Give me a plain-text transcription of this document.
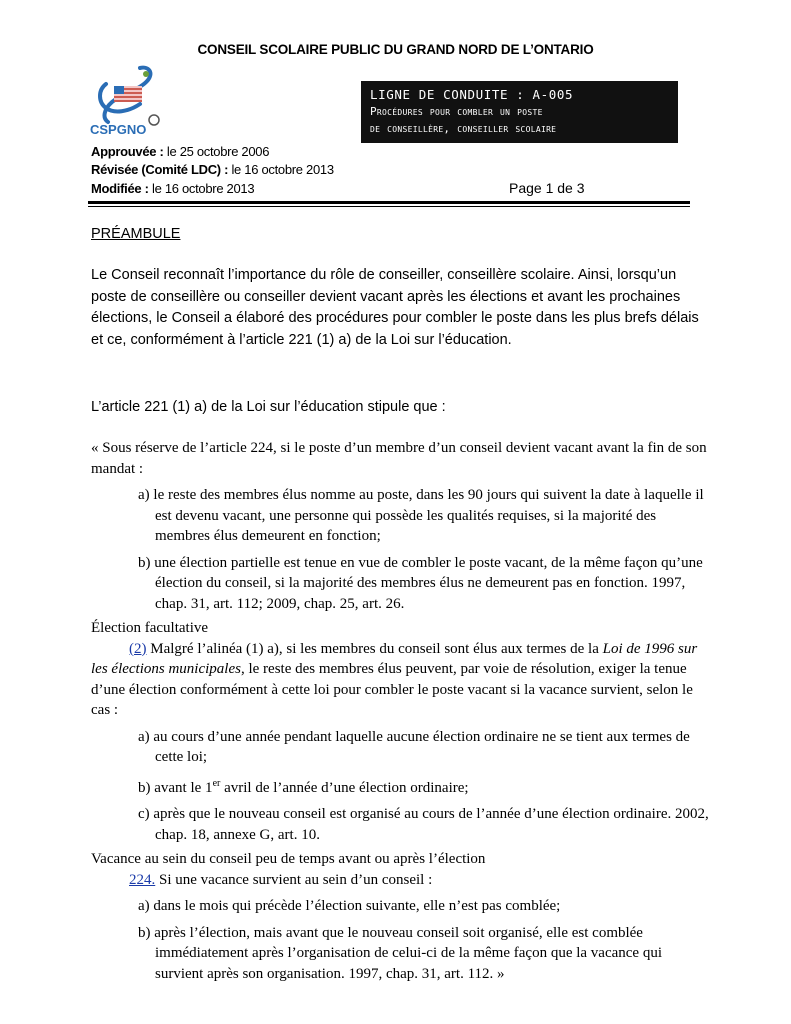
CONSEIL SCOLAIRE PUBLIC DU GRAND NORD DE L’ONTARIO
CSPGNO
LIGNE DE CONDUITE : A-005
Procédures pour combler un poste
de conseillère, conseiller scolaire
Approuvée : le 25 octobre 2006
Révisée (Comité LDC) : le 16 octobre 2013
Modifiée : le 16 octobre 2013	Page 1 de 3
PRÉAMBULE
Le Conseil reconnaît l’importance du rôle de conseiller, conseillère scolaire. Ainsi, lorsqu’un poste de conseillère ou conseiller devient vacant après les élections et avant les prochaines élections, le Conseil a élaboré des procédures pour combler le poste dans les plus brefs délais et ce, conformément à l’article 221 (1) a) de la Loi sur l’éducation.
L’article 221 (1) a) de la Loi sur l’éducation stipule que :
« Sous réserve de l’article 224, si le poste d’un membre d’un conseil devient vacant avant la fin de son mandat :
a) le reste des membres élus nomme au poste, dans les 90 jours qui suivent la date à laquelle il est devenu vacant, une personne qui possède les qualités requises, si la majorité des membres élus demeurent en fonction;
b) une élection partielle est tenue en vue de combler le poste vacant, de la même façon qu’une élection du conseil, si la majorité des membres élus ne demeurent pas en fonction. 1997, chap. 31, art. 112; 2009, chap. 25, art. 26.
Élection facultative
(2) Malgré l’alinéa (1) a), si les membres du conseil sont élus aux termes de la Loi de 1996 sur les élections municipales, le reste des membres élus peuvent, par voie de résolution, exiger la tenue d’une élection conformément à cette loi pour combler le poste vacant si la vacance survient, selon le cas :
a) au cours d’une année pendant laquelle aucune élection ordinaire ne se tient aux termes de cette loi;
b) avant le 1er avril de l’année d’une élection ordinaire;
c) après que le nouveau conseil est organisé au cours de l’année d’une élection ordinaire. 2002, chap. 18, annexe G, art. 10.
Vacance au sein du conseil peu de temps avant ou après l’élection
224. Si une vacance survient au sein d’un conseil :
a) dans le mois qui précède l’élection suivante, elle n’est pas comblée;
b) après l’élection, mais avant que le nouveau conseil soit organisé, elle est comblée immédiatement après l’organisation de celui-ci de la même façon que la vacance qui survient après son organisation. 1997, chap. 31, art. 112. »
